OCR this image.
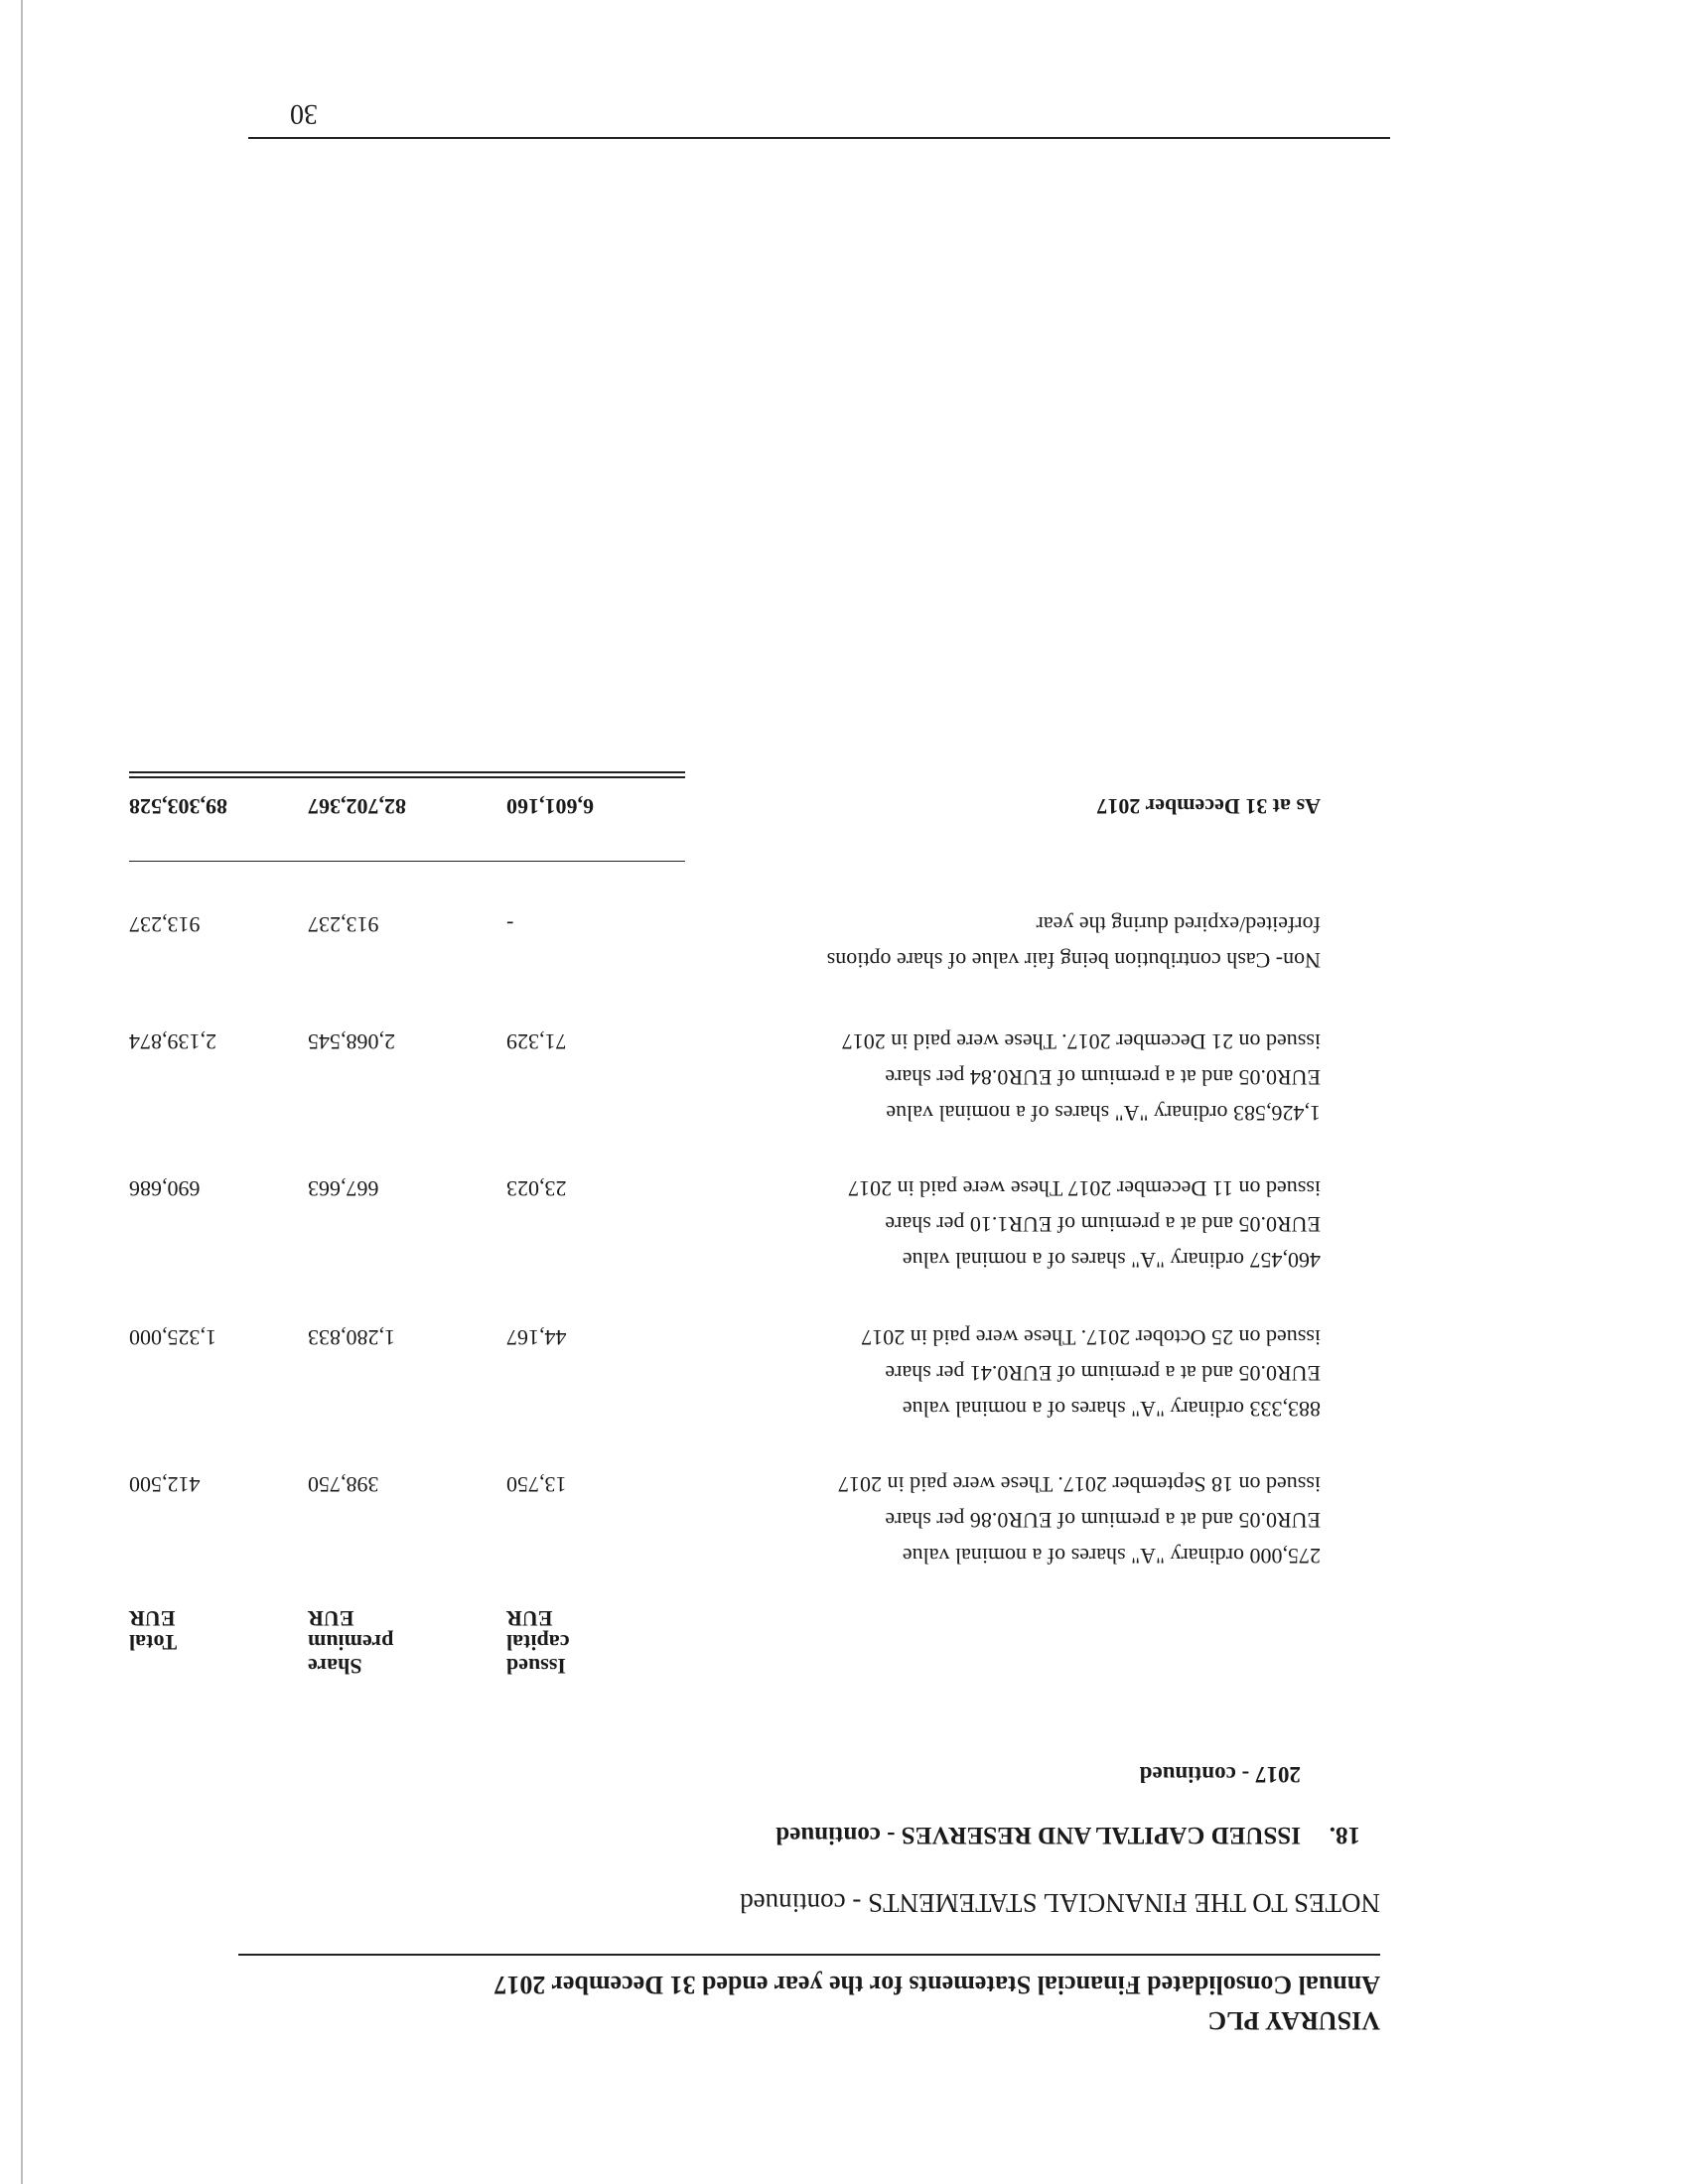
VISURAY PLC
Annual Consolidated Financial Statements for the year ended 31 December 2017
NOTES TO THE FINANCIAL STATEMENTS - continued
18.
ISSUED CAPITAL AND RESERVES - continued
2017 - continued
Issued
capital
EUR
Share
premium
EUR
Total
EUR
275,000 ordinary "A" shares of a nominal value
EUR0.05 and at a premium of EUR0.86 per share
issued on 18 September 2017. These were paid in 2017
13,750
398,750
412,500
883,333 ordinary "A" shares of a nominal value
EUR0.05 and at a premium of EUR0.41 per share
issued on 25 October 2017. These were paid in 2017
44,167
1,280,833
1,325,000
460,457 ordinary "A" shares of a nominal value
EUR0.05 and at a premium of EUR1.10 per share
issued on 11 December 2017 These were paid in 2017
23,023
667,663
690,686
1,426,583 ordinary "A" shares of a nominal value
EUR0.05 and at a premium of EUR0.84 per share
issued on 21 December 2017. These were paid in 2017
71,329
2,068,545
2,139,874
Non- Cash contribution being fair value of share options
forfeited/expired during the year
-
913,237
913,237
As at 31 December 2017
6,601,160
82,702,367
89,303,528
30
